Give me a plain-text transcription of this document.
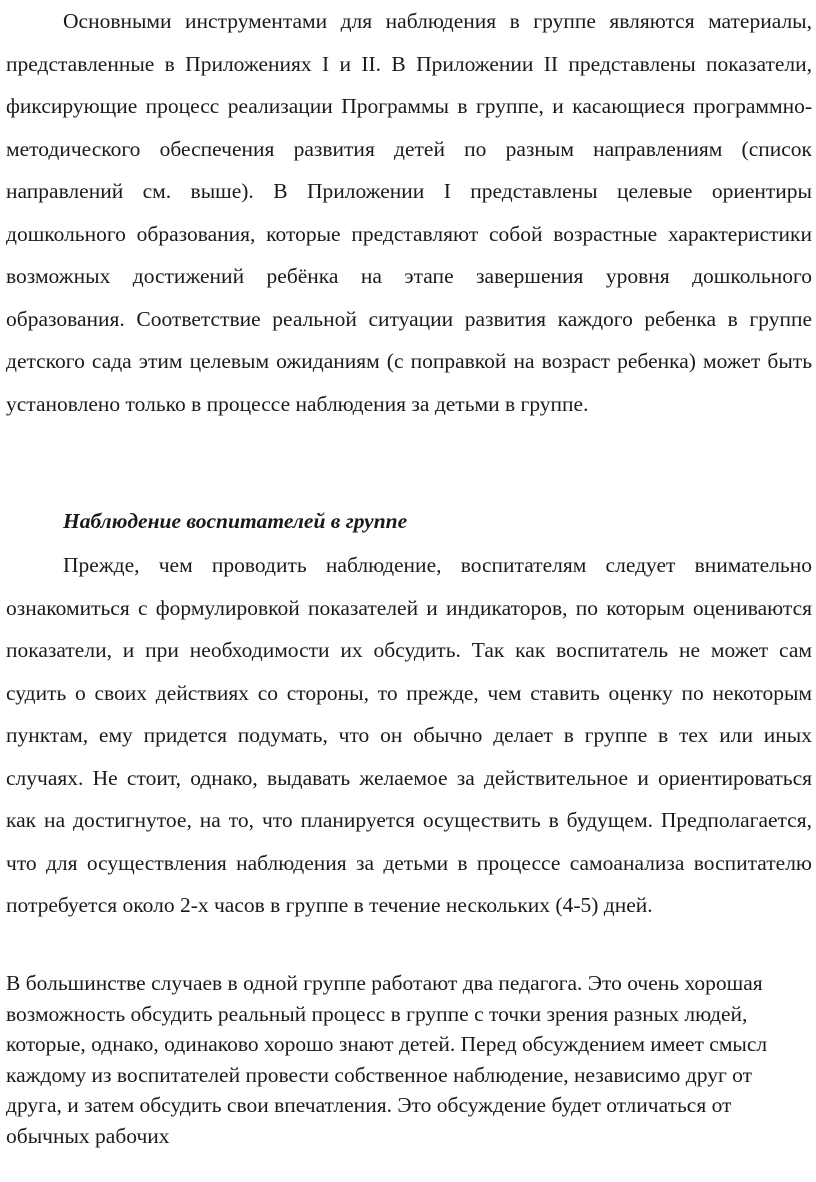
Основными инструментами для наблюдения в группе являются материалы, представленные в Приложениях I и II. В Приложении II представлены показатели, фиксирующие процесс реализации Программы в группе, и касающиеся программно-методического обеспечения развития детей по разным направлениям (список направлений см. выше). В Приложении I представлены целевые ориентиры дошкольного образования, которые представляют собой возрастные характеристики возможных достижений ребёнка на этапе завершения уровня дошкольного образования. Соответствие реальной ситуации развития каждого ребенка в группе детского сада этим целевым ожиданиям (с поправкой на возраст ребенка) может быть установлено только в процессе наблюдения за детьми в группе.

Наблюдение воспитателей в группе

Прежде, чем проводить наблюдение, воспитателям следует внимательно ознакомиться с формулировкой показателей и индикаторов, по которым оцениваются показатели, и при необходимости их обсудить. Так как воспитатель не может сам судить о своих действиях со стороны, то прежде, чем ставить оценку по некоторым пунктам, ему придется подумать, что он обычно делает в группе в тех или иных случаях. Не стоит, однако, выдавать желаемое за действительное и ориентироваться как на достигнутое, на то, что планируется осуществить в будущем. Предполагается, что для осуществления наблюдения за детьми в процессе самоанализа воспитателю потребуется около 2-х часов в группе в течение нескольких (4-5) дней.

В большинстве случаев в одной группе работают два педагога. Это очень хорошая возможность обсудить реальный процесс в группе с точки зрения разных людей, которые, однако, одинаково хорошо знают детей. Перед обсуждением имеет смысл каждому из воспитателей провести собственное наблюдение, независимо друг от друга, и затем обсудить свои впечатления. Это обсуждение будет отличаться от обычных рабочих
